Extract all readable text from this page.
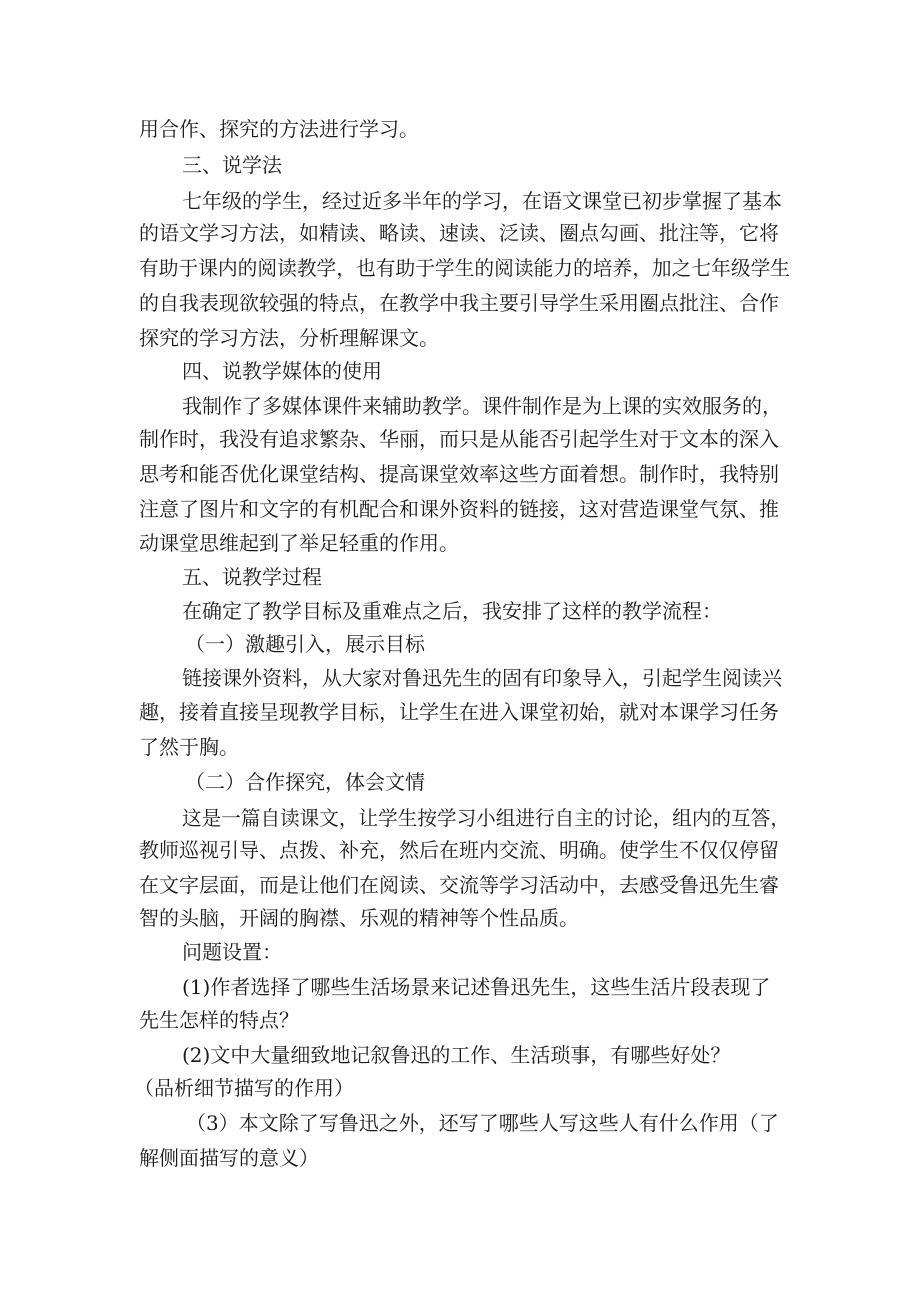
用合作、探究的方法进行学习。
三、说学法
七年级的学生，经过近多半年的学习，在语文课堂已初步掌握了基本
的语文学习方法，如精读、略读、速读、泛读、圈点勾画、批注等，它将
有助于课内的阅读教学，也有助于学生的阅读能力的培养，加之七年级学生
的自我表现欲较强的特点，在教学中我主要引导学生采用圈点批注、合作
探究的学习方法，分析理解课文。
四、说教学媒体的使用
我制作了多媒体课件来辅助教学。课件制作是为上课的实效服务的，
制作时，我没有追求繁杂、华丽，而只是从能否引起学生对于文本的深入
思考和能否优化课堂结构、提高课堂效率这些方面着想。制作时，我特别
注意了图片和文字的有机配合和课外资料的链接，这对营造课堂气氛、推
动课堂思维起到了举足轻重的作用。
五、说教学过程
在确定了教学目标及重难点之后，我安排了这样的教学流程：
（一）激趣引入，展示目标
链接课外资料，从大家对鲁迅先生的固有印象导入，引起学生阅读兴
趣，接着直接呈现教学目标，让学生在进入课堂初始，就对本课学习任务
了然于胸。
（二）合作探究，体会文情
这是一篇自读课文，让学生按学习小组进行自主的讨论，组内的互答，
教师巡视引导、点拨、补充，然后在班内交流、明确。使学生不仅仅停留
在文字层面，而是让他们在阅读、交流等学习活动中，去感受鲁迅先生睿
智的头脑，开阔的胸襟、乐观的精神等个性品质。
问题设置：
(1)作者选择了哪些生活场景来记述鲁迅先生，这些生活片段表现了
先生怎样的特点？
(2)文中大量细致地记叙鲁迅的工作、生活琐事，有哪些好处？
（品析细节描写的作用）
（3）本文除了写鲁迅之外，还写了哪些人写这些人有什么作用（了
解侧面描写的意义）
